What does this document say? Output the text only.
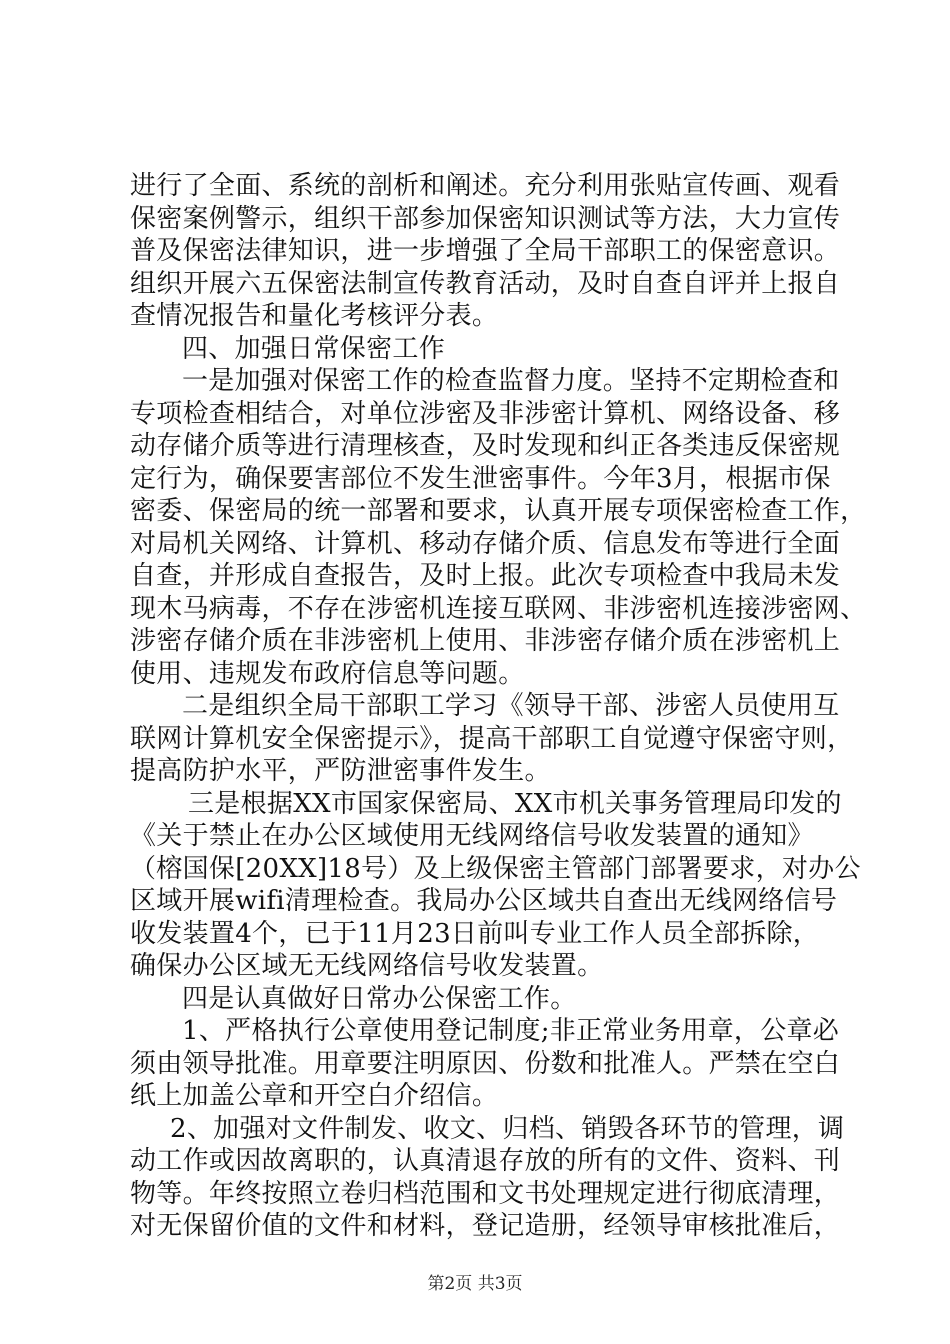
进行了全面、系统的剖析和阐述。充分利用张贴宣传画、观看
保密案例警示，组织干部参加保密知识测试等方法，大力宣传
普及保密法律知识，进一步增强了全局干部职工的保密意识。
组织开展六五保密法制宣传教育活动，及时自查自评并上报自
查情况报告和量化考核评分表。
四、加强日常保密工作
一是加强对保密工作的检查监督力度。坚持不定期检查和
专项检查相结合，对单位涉密及非涉密计算机、网络设备、移
动存储介质等进行清理核查，及时发现和纠正各类违反保密规
定行为，确保要害部位不发生泄密事件。今年3月，根据市保
密委、保密局的统一部署和要求，认真开展专项保密检查工作，
对局机关网络、计算机、移动存储介质、信息发布等进行全面
自查，并形成自查报告，及时上报。此次专项检查中我局未发
现木马病毒，不存在涉密机连接互联网、非涉密机连接涉密网、
涉密存储介质在非涉密机上使用、非涉密存储介质在涉密机上
使用、违规发布政府信息等问题。
二是组织全局干部职工学习《领导干部、涉密人员使用互
联网计算机安全保密提示》，提高干部职工自觉遵守保密守则，
提高防护水平，严防泄密事件发生。
三是根据XX市国家保密局、XX市机关事务管理局印发的
《关于禁止在办公区域使用无线网络信号收发装置的通知》
（榕国保[20XX]18号）及上级保密主管部门部署要求，对办公
区域开展wifi清理检查。我局办公区域共自查出无线网络信号
收发装置4个，已于11月23日前叫专业工作人员全部拆除，
确保办公区域无无线网络信号收发装置。
四是认真做好日常办公保密工作。
1、严格执行公章使用登记制度;非正常业务用章，公章必
须由领导批准。用章要注明原因、份数和批准人。严禁在空白
纸上加盖公章和开空白介绍信。
2、加强对文件制发、收文、归档、销毁各环节的管理，调
动工作或因故离职的，认真清退存放的所有的文件、资料、刊
物等。年终按照立卷归档范围和文书处理规定进行彻底清理，
对无保留价值的文件和材料，登记造册，经领导审核批准后，
第2页 共3页
